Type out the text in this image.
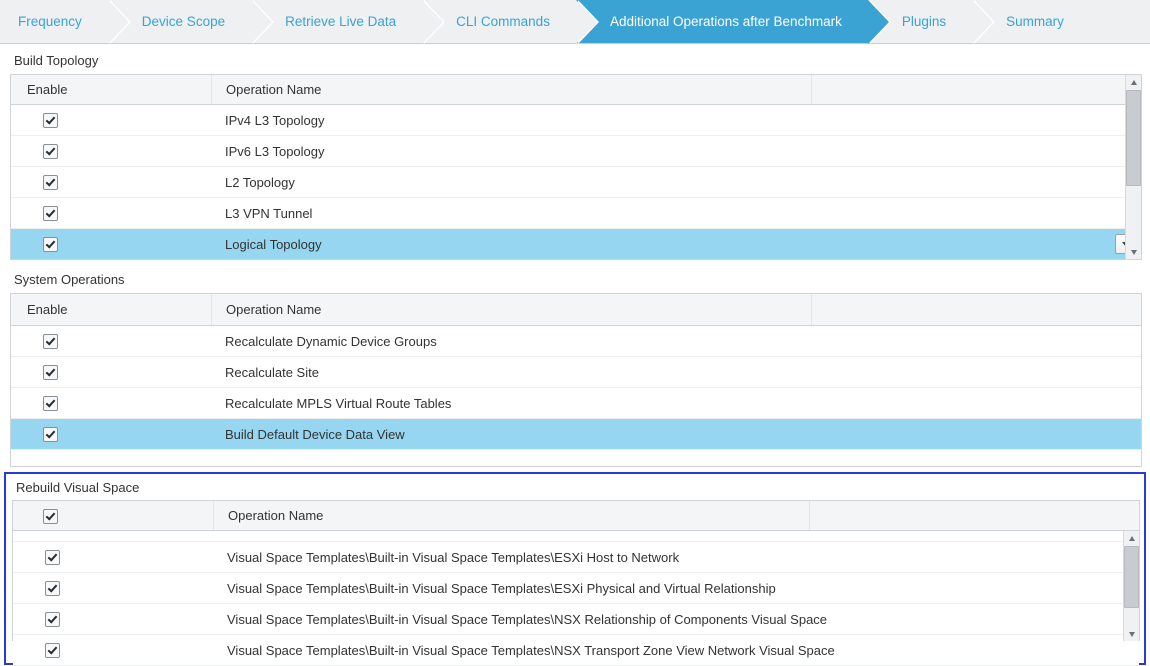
Frequency	Device Scope	Retrieve Live Data	CLI Commands	Additional Operations after Benchmark	Plugins	Summary
Build Topology
Enable	Operation Name
IPv4 L3 Topology
IPv6 L3 Topology
L2 Topology
L3 VPN Tunnel
Logical Topology
System Operations
Enable	Operation Name
Recalculate Dynamic Device Groups
Recalculate Site
Recalculate MPLS Virtual Route Tables
Build Default Device Data View
Rebuild Visual Space
Operation Name
Visual Space Templates\Built-in Visual Space Templates\ESXi Host to Network
Visual Space Templates\Built-in Visual Space Templates\ESXi Physical and Virtual Relationship
Visual Space Templates\Built-in Visual Space Templates\NSX Relationship of Components Visual Space
Visual Space Templates\Built-in Visual Space Templates\NSX Transport Zone View Network Visual Space
